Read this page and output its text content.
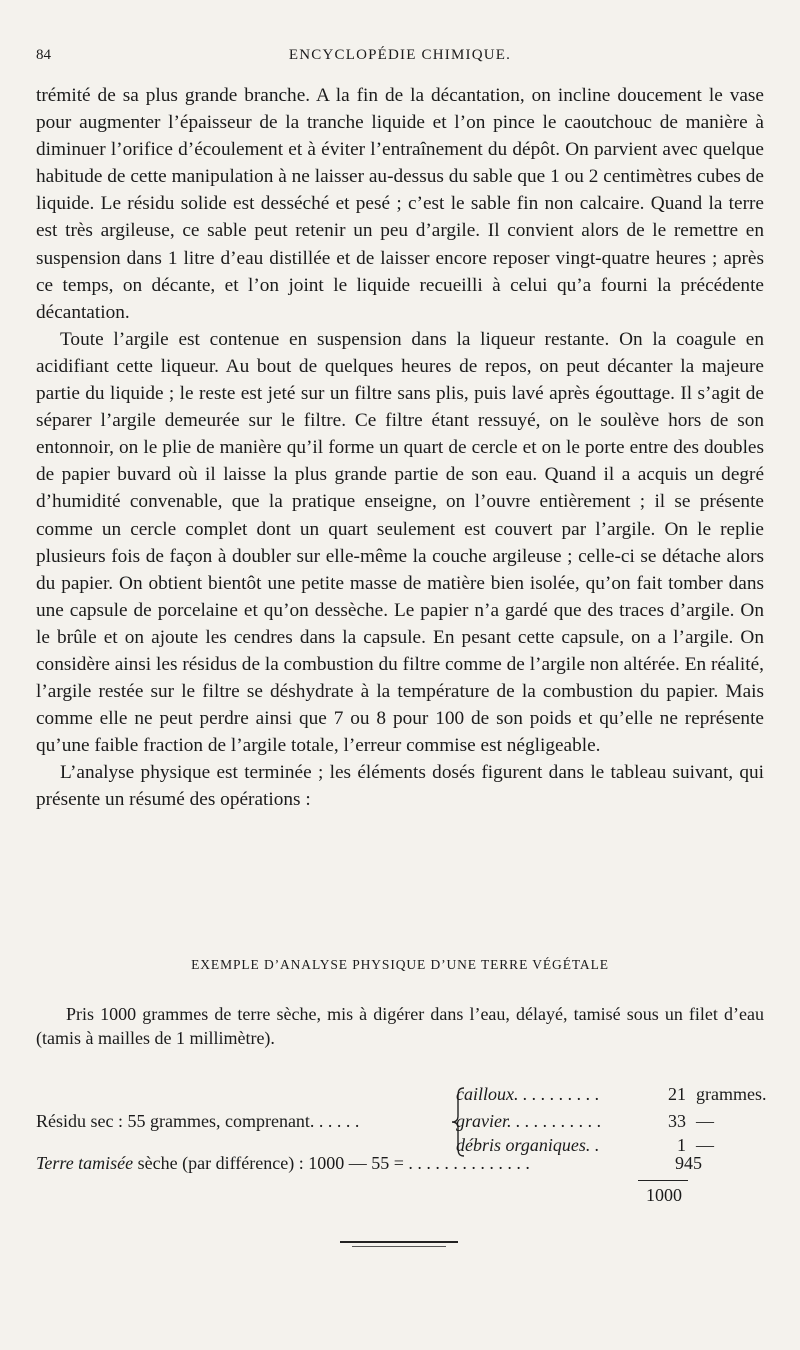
84	ENCYCLOPÉDIE CHIMIQUE.

trémité de sa plus grande branche. A la fin de la décantation, on incline doucement le vase pour augmenter l’épaisseur de la tranche liquide et l’on pince le caoutchouc de manière à diminuer l’orifice d’écoulement et à éviter l’entraînement du dépôt. On parvient avec quelque habitude de cette manipulation à ne laisser au-dessus du sable que 1 ou 2 centimètres cubes de liquide. Le résidu solide est desséché et pesé ; c’est le sable fin non calcaire. Quand la terre est très argileuse, ce sable peut retenir un peu d’argile. Il convient alors de le remettre en suspension dans 1 litre d’eau distillée et de laisser encore reposer vingt-quatre heures ; après ce temps, on décante, et l’on joint le liquide recueilli à celui qu’a fourni la précédente décantation.

Toute l’argile est contenue en suspension dans la liqueur restante. On la coagule en acidifiant cette liqueur. Au bout de quelques heures de repos, on peut décanter la majeure partie du liquide ; le reste est jeté sur un filtre sans plis, puis lavé après égouttage. Il s’agit de séparer l’argile demeurée sur le filtre. Ce filtre étant ressuyé, on le soulève hors de son entonnoir, on le plie de manière qu’il forme un quart de cercle et on le porte entre des doubles de papier buvard où il laisse la plus grande partie de son eau. Quand il a acquis un degré d’humidité convenable, que la pratique enseigne, on l’ouvre entièrement ; il se présente comme un cercle complet dont un quart seulement est couvert par l’argile. On le replie plusieurs fois de façon à doubler sur elle-même la couche argileuse ; celle-ci se détache alors du papier. On obtient bientôt une petite masse de matière bien isolée, qu’on fait tomber dans une capsule de porcelaine et qu’on dessèche. Le papier n’a gardé que des traces d’argile. On le brûle et on ajoute les cendres dans la capsule. En pesant cette capsule, on a l’argile. On considère ainsi les résidus de la combustion du filtre comme de l’argile non altérée. En réalité, l’argile restée sur le filtre se déshydrate à la température de la combustion du papier. Mais comme elle ne peut perdre ainsi que 7 ou 8 pour 100 de son poids et qu’elle ne représente qu’une faible fraction de l’argile totale, l’erreur commise est négligeable.

L’analyse physique est terminée ; les éléments dosés figurent dans le tableau suivant, qui présente un résumé des opérations :

EXEMPLE D’ANALYSE PHYSIQUE D’UNE TERRE VÉGÉTALE

Pris 1000 grammes de terre sèche, mis à digérer dans l’eau, délayé, tamisé sous un filet d’eau (tamis à mailles de 1 millimètre).

Résidu sec : 55 grammes, comprenant. . . . . .
cailloux. . . . . . . . . .	21 grammes.
gravier. . . . . . . . . . .	33 —
débris organiques. .	1 —
Terre tamisée sèche (par différence) : 1000 — 55 = . . . . . . . . . . . . . .	945
1000
